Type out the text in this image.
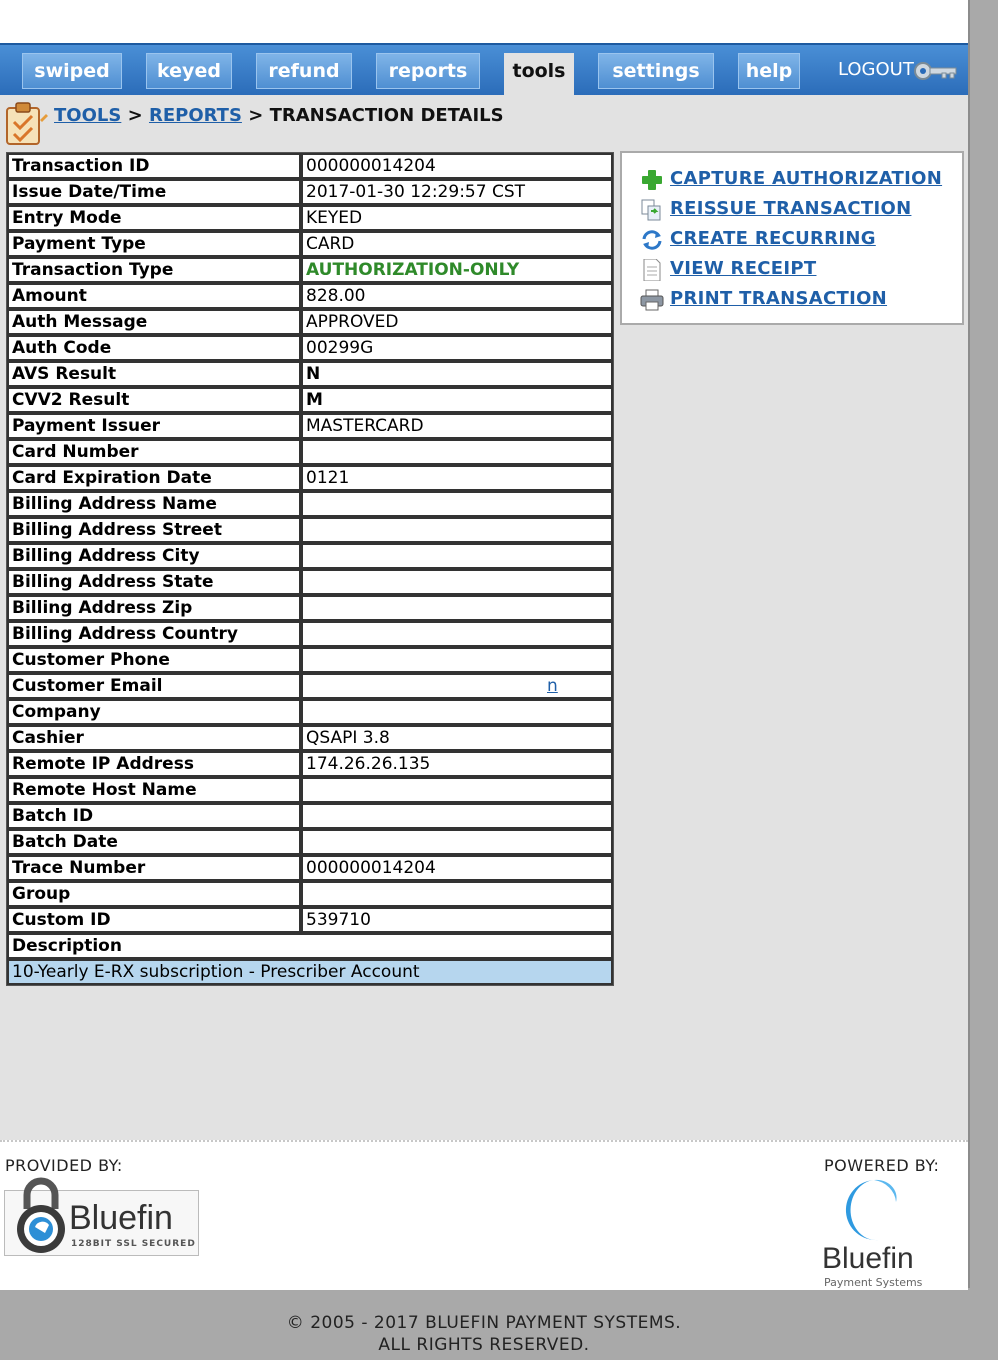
swiped	keyed	refund	reports	tools	settings	help	LOGOUT
TOOLS > REPORTS > TRANSACTION DETAILS
Transaction ID	000000014204
Issue Date/Time	2017-01-30 12:29:57 CST
Entry Mode	KEYED
Payment Type	CARD
Transaction Type	AUTHORIZATION-ONLY
Amount	828.00
Auth Message	APPROVED
Auth Code	00299G
AVS Result	N
CVV2 Result	M
Payment Issuer	MASTERCARD
Card Number	
Card Expiration Date	0121
Billing Address Name	
Billing Address Street	
Billing Address City	
Billing Address State	
Billing Address Zip	
Billing Address Country	
Customer Phone	
Customer Email	n
Company	
Cashier	QSAPI 3.8
Remote IP Address	174.26.26.135
Remote Host Name	
Batch ID	
Batch Date	
Trace Number	000000014204
Group	
Custom ID	539710
Description	
10-Yearly E-RX subscription - Prescriber Account	
CAPTURE AUTHORIZATION
REISSUE TRANSACTION
CREATE RECURRING
VIEW RECEIPT
PRINT TRANSACTION
PROVIDED BY:	POWERED BY:
Bluefin
128BIT SSL SECURED	Bluefin
Payment Systems
© 2005 - 2017 BLUEFIN PAYMENT SYSTEMS.
ALL RIGHTS RESERVED.
